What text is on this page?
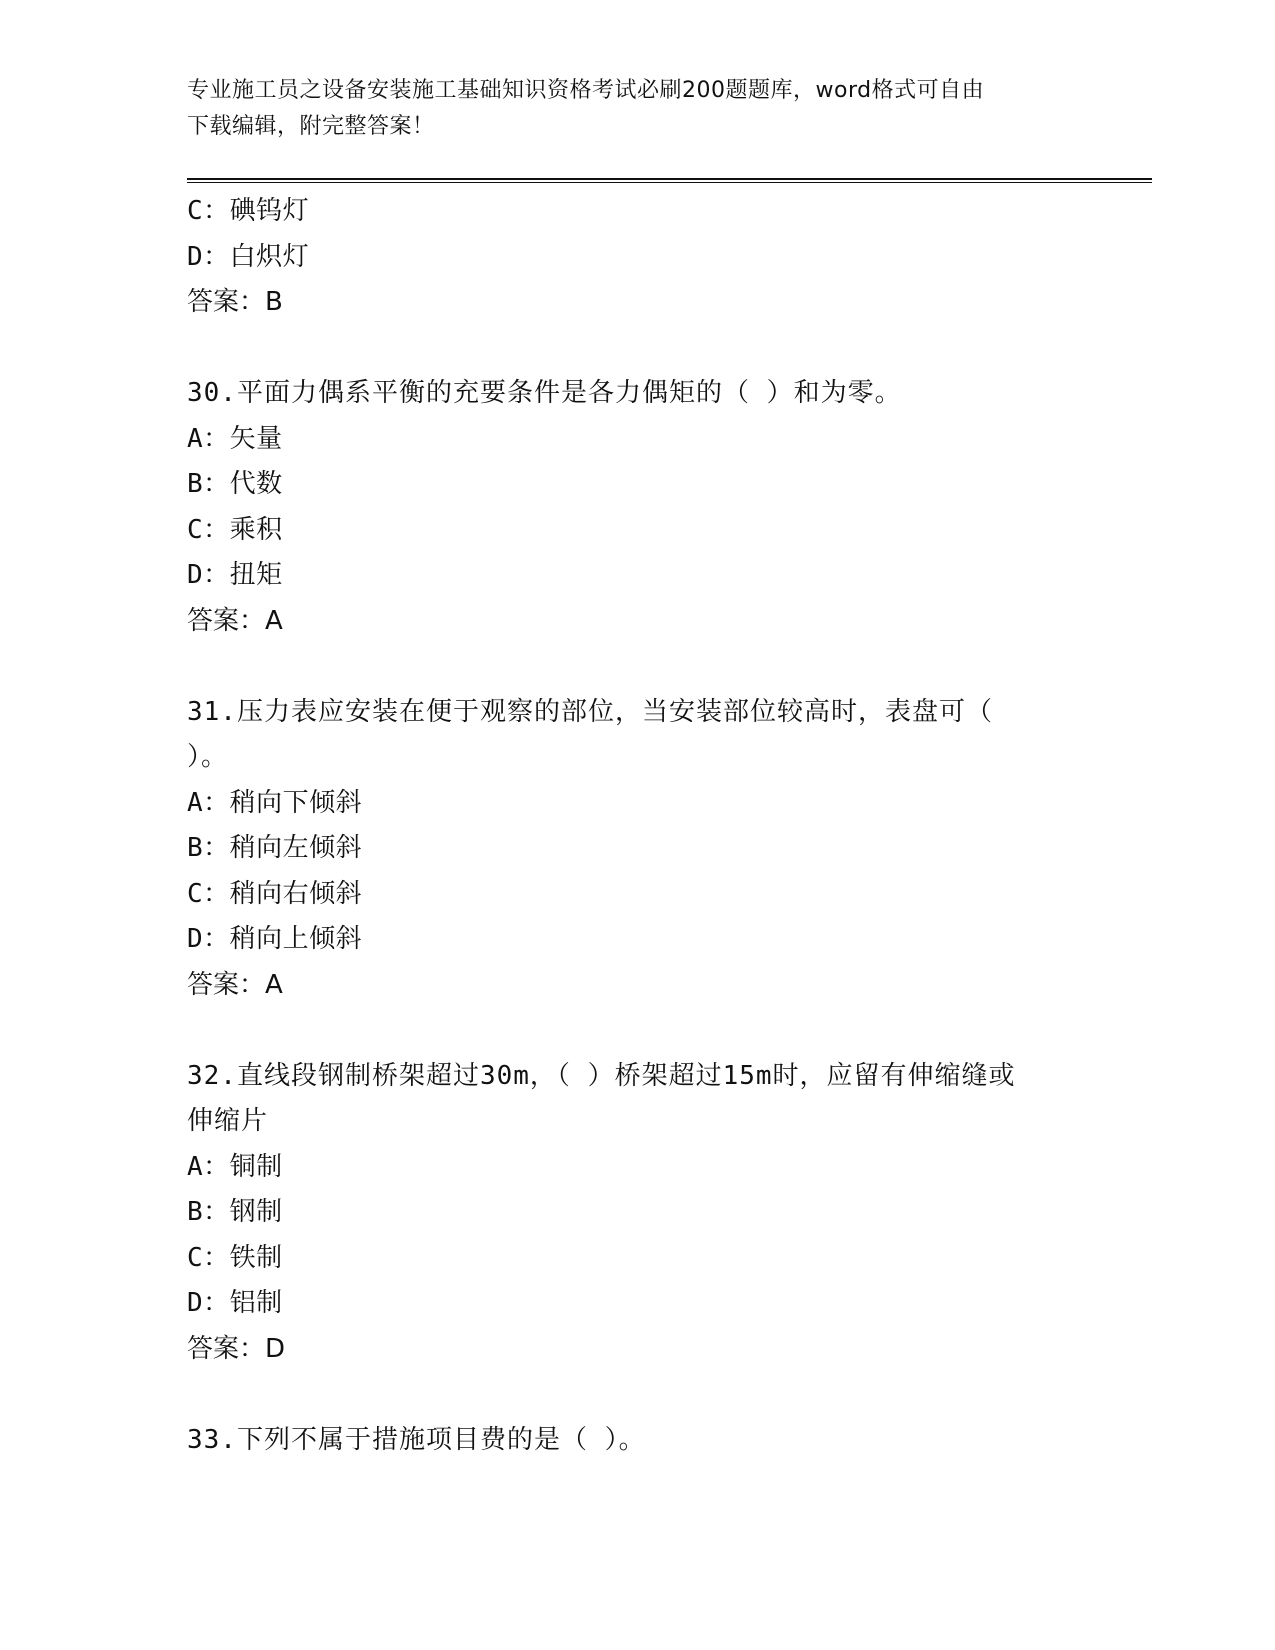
专业施工员之设备安装施工基础知识资格考试必刷200题题库，word格式可自由
下载编辑，附完整答案！
C：碘钨灯
D：白炽灯
答案：B
30.平面力偶系平衡的充要条件是各力偶矩的（ ）和为零。
A：矢量
B：代数
C：乘积
D：扭矩
答案：A
31.压力表应安装在便于观察的部位，当安装部位较高时，表盘可（
）。
A：稍向下倾斜
B：稍向左倾斜
C：稍向右倾斜
D：稍向上倾斜
答案：A
32.直线段钢制桥架超过30m，（ ）桥架超过15m时，应留有伸缩缝或
伸缩片
A：铜制
B：钢制
C：铁制
D：铝制
答案：D
33.下列不属于措施项目费的是（ ）。
